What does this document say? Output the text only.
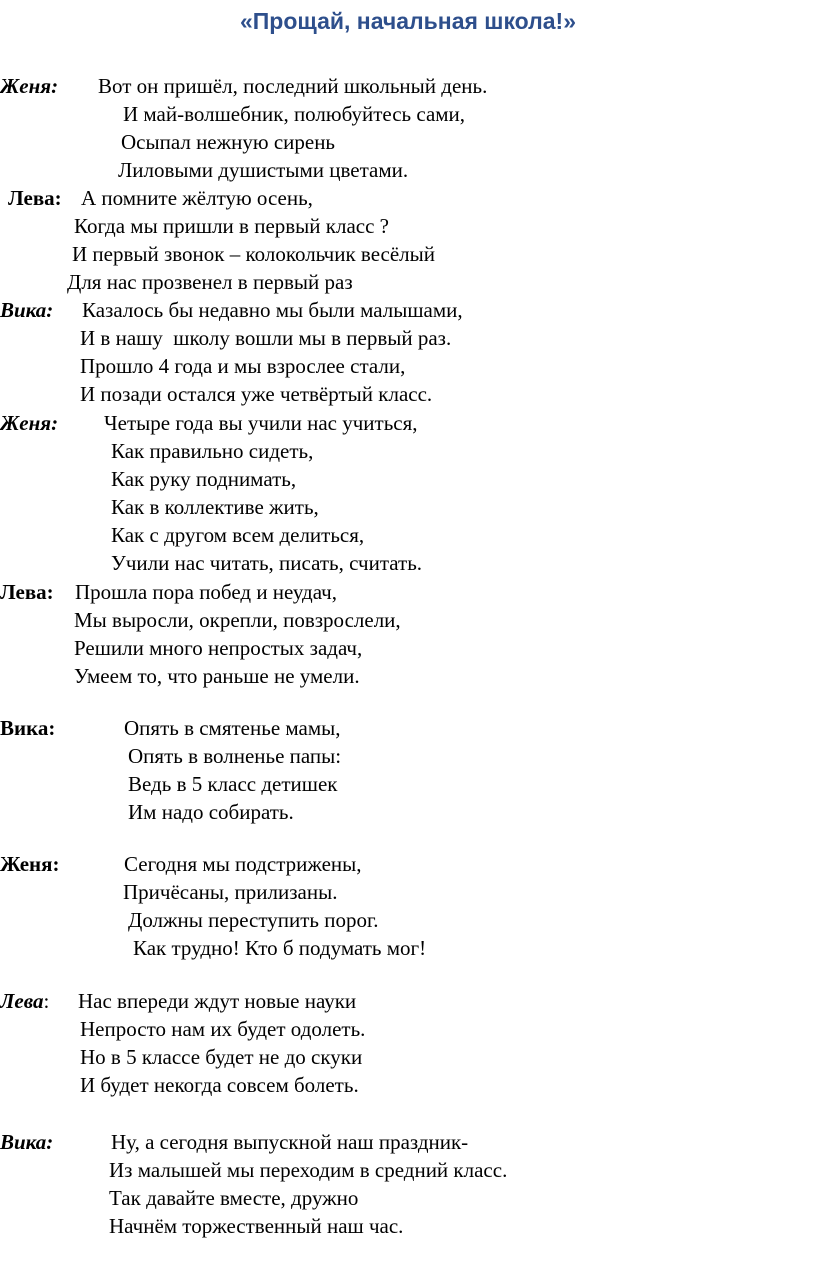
«Прощай, начальная школа!»
Женя: Вот он пришёл, последний школьный день.
И май-волшебник, полюбуйтесь сами,
Осыпал нежную сирень
Лиловыми душистыми цветами.
Лева: А помните жёлтую осень,
Когда мы пришли в первый класс ?
И первый звонок – колокольчик весёлый
Для нас прозвенел в первый раз
Вика: Казалось бы недавно мы были малышами,
И в нашу  школу вошли мы в первый раз.
Прошло 4 года и мы взрослее стали,
И позади остался уже четвёртый класс.
Женя: Четыре года вы учили нас учиться,
Как правильно сидеть,
Как руку поднимать,
Как в коллективе жить,
Как с другом всем делиться,
Учили нас читать, писать, считать.
Лева: Прошла пора побед и неудач,
Мы выросли, окрепли, повзрослели,
Решили много непростых задач,
Умеем то, что раньше не умели.
Вика:	Опять в смятенье мамы,
Опять в волненье папы:
Ведь в 5 класс детишек
Им надо собирать.
Женя:	Сегодня мы подстрижены,
Причёсаны, прилизаны.
Должны переступить порог.
Как трудно! Кто б подумать мог!
Лева: Нас впереди ждут новые науки
Непросто нам их будет одолеть.
Но в 5 классе будет не до скуки
И будет некогда совсем болеть.
Вика:	Ну, а сегодня выпускной наш праздник-
Из малышей мы переходим в средний класс.
Так давайте вместе, дружно
Начнём торжественный наш час.
